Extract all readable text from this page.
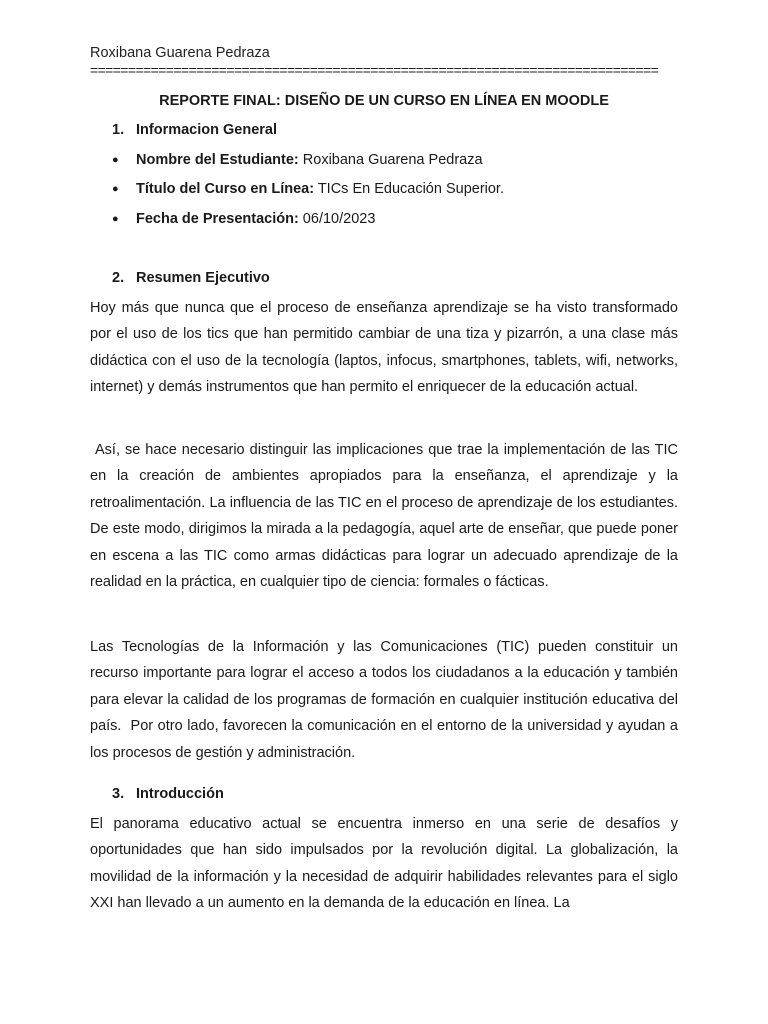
Roxibana Guarena Pedraza
===========================================================================
REPORTE FINAL: DISEÑO DE UN CURSO EN LÍNEA EN MOODLE
1. Informacion General
● Nombre del Estudiante: Roxibana Guarena Pedraza
● Título del Curso en Línea: TICs En Educación Superior.
● Fecha de Presentación: 06/10/2023
2. Resumen Ejecutivo
Hoy más que nunca que el proceso de enseñanza aprendizaje se ha visto transformado por el uso de los tics que han permitido cambiar de una tiza y pizarrón, a una clase más didáctica con el uso de la tecnología (laptos, infocus, smartphones, tablets, wifi, networks, internet) y demás instrumentos que han permito el enriquecer de la educación actual.
Así, se hace necesario distinguir las implicaciones que trae la implementación de las TIC en la creación de ambientes apropiados para la enseñanza, el aprendizaje y la retroalimentación. La influencia de las TIC en el proceso de aprendizaje de los estudiantes. De este modo, dirigimos la mirada a la pedagogía, aquel arte de enseñar, que puede poner en escena a las TIC como armas didácticas para lograr un adecuado aprendizaje de la realidad en la práctica, en cualquier tipo de ciencia: formales o fácticas.
Las Tecnologías de la Información y las Comunicaciones (TIC) pueden constituir un recurso importante para lograr el acceso a todos los ciudadanos a la educación y también para elevar la calidad de los programas de formación en cualquier institución educativa del país.  Por otro lado, favorecen la comunicación en el entorno de la universidad y ayudan a los procesos de gestión y administración.
3. Introducción
El panorama educativo actual se encuentra inmerso en una serie de desafíos y oportunidades que han sido impulsados por la revolución digital. La globalización, la movilidad de la información y la necesidad de adquirir habilidades relevantes para el siglo XXI han llevado a un aumento en la demanda de la educación en línea. La
